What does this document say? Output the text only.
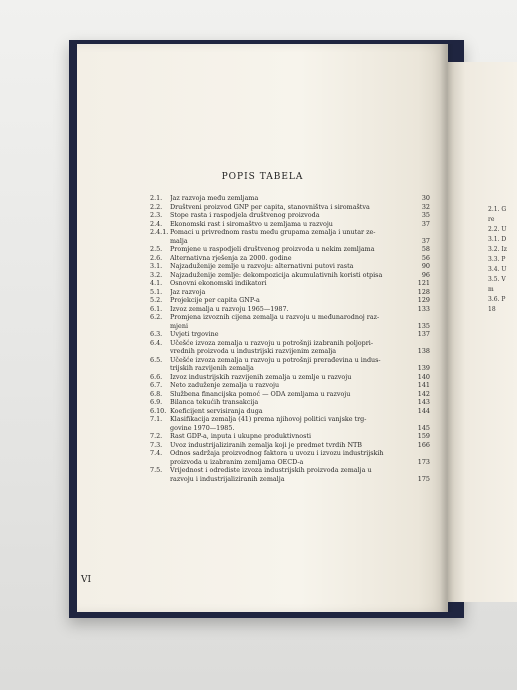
POPIS TABELA
2.1.	Jaz razvoja među zemljama	30
2.2.	Društveni proizvod GNP per capita, stanovništva i siromaštva	32
2.3.	Stope rasta i raspodjela društvenog proizvoda	35
2.4.	Ekonomski rast i siromaštvo u zemljama u razvoju	37
2.4.1. Pomaci u privrednom rastu među grupama zemalja i unutar ze-
malja	37
2.5.	Promjene u raspodjeli društvenog proizvoda u nekim zemljama	58
2.6.	Alternativna rješenja za 2000. godine	56
3.1.	Najzaduženije zemlje u razvoju: alternativni putovi rasta	90
3.2.	Najzaduženije zemlje: dekompozicija akumulativnih koristi otpisa	96
4.1.	Osnovni ekonomski indikatori	121
5.1.	Jaz razvoja	128
5.2.	Projekcije per capita GNP-a	129
6.1.	Izvoz zemalja u razvoju 1965—1987.	133
6.2.	Promjena izvoznih cijena zemalja u razvoju u međunarodnoj raz-
mjeni	135
6.3.	Uvjeti trgovine	137
6.4.	Učešće izvoza zemalja u razvoju u potrošnji izabranih poljopri-
vrednih proizvoda u industrijski razvijenim zemalja	138
6.5.	Učešće izvoza zemalja u razvoju u potrošnji prerađevina u indus-
trijskih razvijenih zemalja	139
6.6.	Izvoz industrijskih razvijenih zemalja u zemlje u razvoju	140
6.7.	Neto zaduženje zemalja u razvoju	141
6.8.	Službena financijska pomoć — ODA zemljama u razvoju	142
6.9.	Bilanca tekućih transakcija	143
6.10. Koeficijent servisiranja duga	144
7.1.	Klasifikacija zemalja (41) prema njihovoj politici vanjske trg-
govine 1970—1985.	145
7.2.	Rast GDP-a, inputa i ukupne produktivnosti	159
7.3.	Uvoz industrijaliziranih zemalja koji je predmet tvrdih NTB	166
7.4.	Odnos sadržaja proizvodnog faktora u uvozu i izvozu industrijskih
proizvoda u izabranim zemljama OECD-a	173
7.5.	Vrijednost i odrediste izvoza industrijskih proizvoda zemalja u
razvoju i industrijaliziranih zemalja	175
VI
2.1. G
re
2.2. U
3.1. D
3.2. Iz
3.3. P
3.4. U
3.5. V
m
3.6. P
18
